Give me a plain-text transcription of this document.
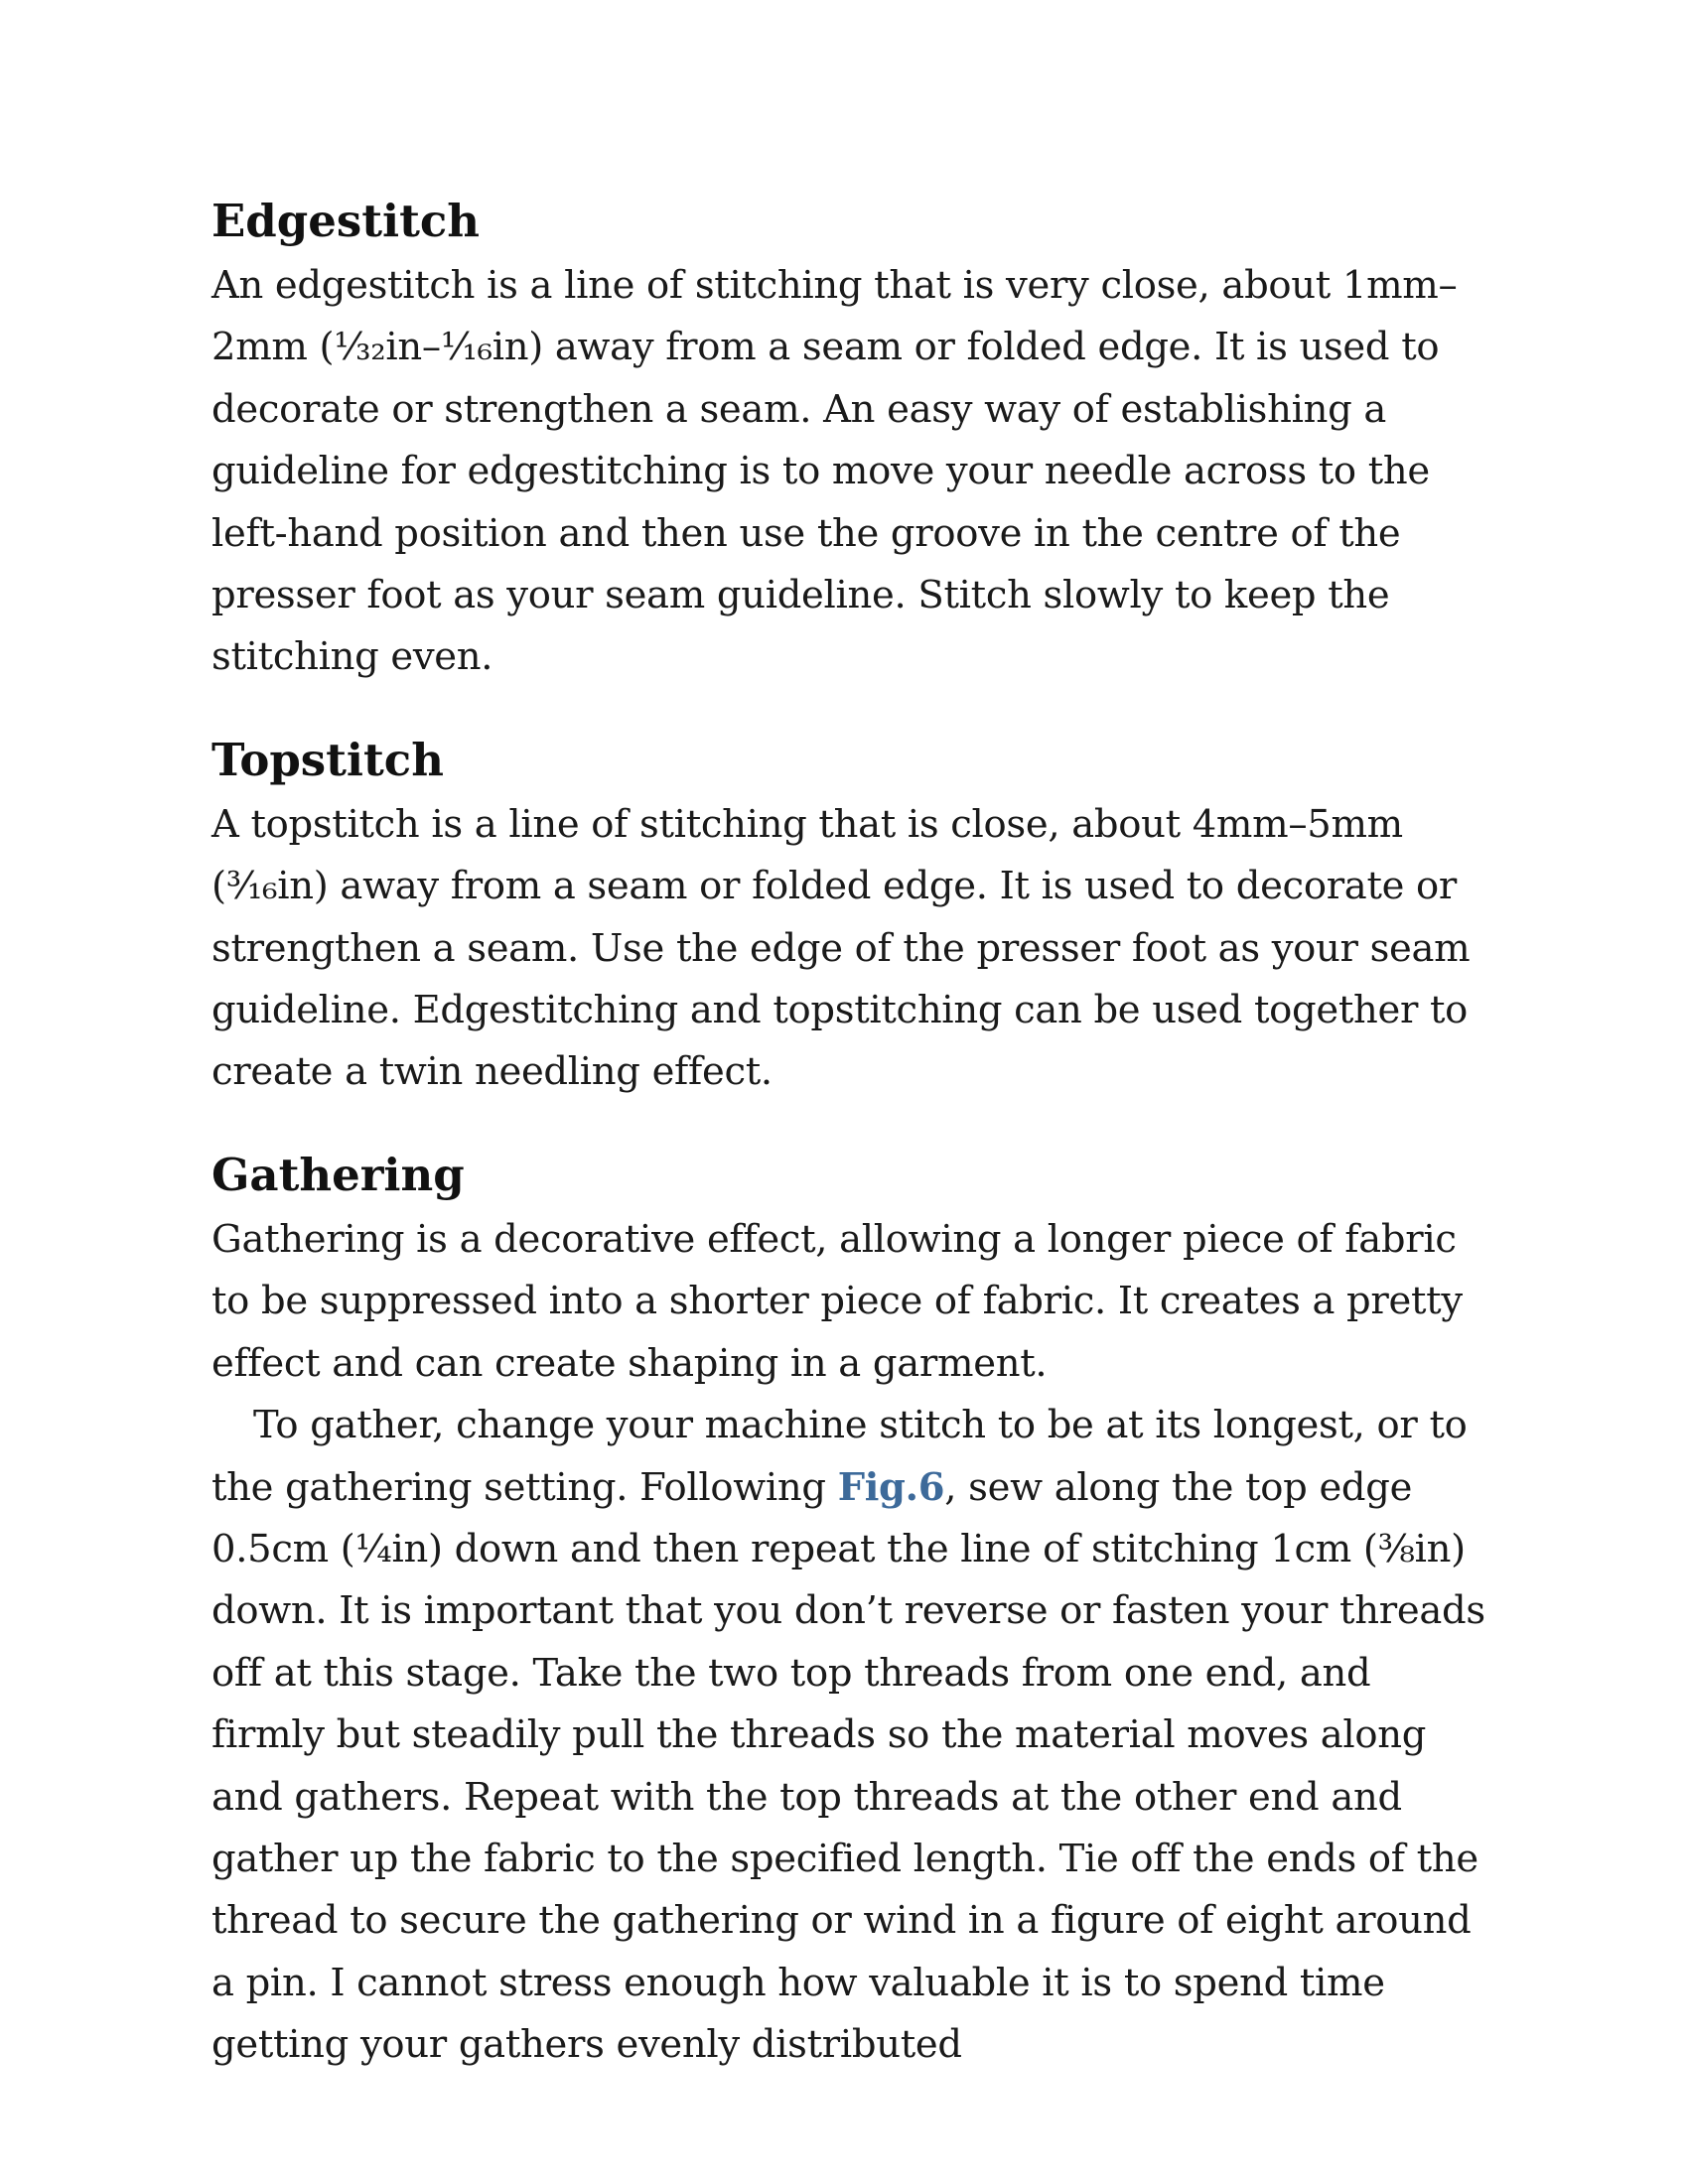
Edgestitch

An edgestitch is a line of stitching that is very close, about 1mm–2mm (⅓₂in–⅟₁₆in) away from a seam or folded edge. It is used to decorate or strengthen a seam. An easy way of establishing a guideline for edgestitching is to move your needle across to the left-hand position and then use the groove in the centre of the presser foot as your seam guideline. Stitch slowly to keep the stitching even.

Topstitch

A topstitch is a line of stitching that is close, about 4mm–5mm (³⁄₁₆in) away from a seam or folded edge. It is used to decorate or strengthen a seam. Use the edge of the presser foot as your seam guideline. Edgestitching and topstitching can be used together to create a twin needling effect.

Gathering

Gathering is a decorative effect, allowing a longer piece of fabric to be suppressed into a shorter piece of fabric. It creates a pretty effect and can create shaping in a garment.

To gather, change your machine stitch to be at its longest, or to the gathering setting. Following Fig.6, sew along the top edge 0.5cm (¼in) down and then repeat the line of stitching 1cm (⅜in) down. It is important that you don’t reverse or fasten your threads off at this stage. Take the two top threads from one end, and firmly but steadily pull the threads so the material moves along and gathers. Repeat with the top threads at the other end and gather up the fabric to the specified length. Tie off the ends of the thread to secure the gathering or wind in a figure of eight around a pin. I cannot stress enough how valuable it is to spend time getting your gathers evenly distributed
